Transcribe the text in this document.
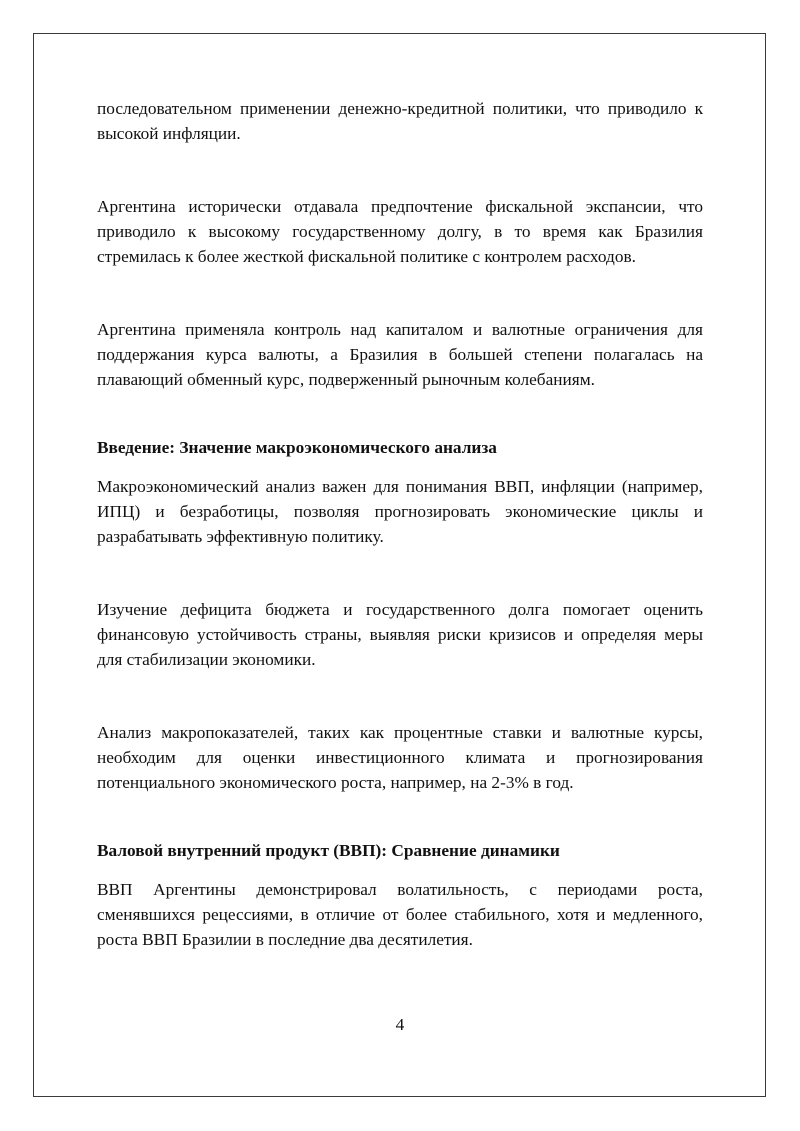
последовательном применении денежно-кредитной политики, что приводило к высокой инфляции.

Аргентина исторически отдавала предпочтение фискальной экспансии, что приводило к высокому государственному долгу, в то время как Бразилия стремилась к более жесткой фискальной политике с контролем расходов.

Аргентина применяла контроль над капиталом и валютные ограничения для поддержания курса валюты, а Бразилия в большей степени полагалась на плавающий обменный курс, подверженный рыночным колебаниям.

Введение: Значение макроэкономического анализа

Макроэкономический анализ важен для понимания ВВП, инфляции (например, ИПЦ) и безработицы, позволяя прогнозировать экономические циклы и разрабатывать эффективную политику.

Изучение дефицита бюджета и государственного долга помогает оценить финансовую устойчивость страны, выявляя риски кризисов и определяя меры для стабилизации экономики.

Анализ макропоказателей, таких как процентные ставки и валютные курсы, необходим для оценки инвестиционного климата и прогнозирования потенциального экономического роста, например, на 2-3% в год.

Валовой внутренний продукт (ВВП): Сравнение динамики

ВВП Аргентины демонстрировал волатильность, с периодами роста, сменявшихся рецессиями, в отличие от более стабильного, хотя и медленного, роста ВВП Бразилии в последние два десятилетия.

4
